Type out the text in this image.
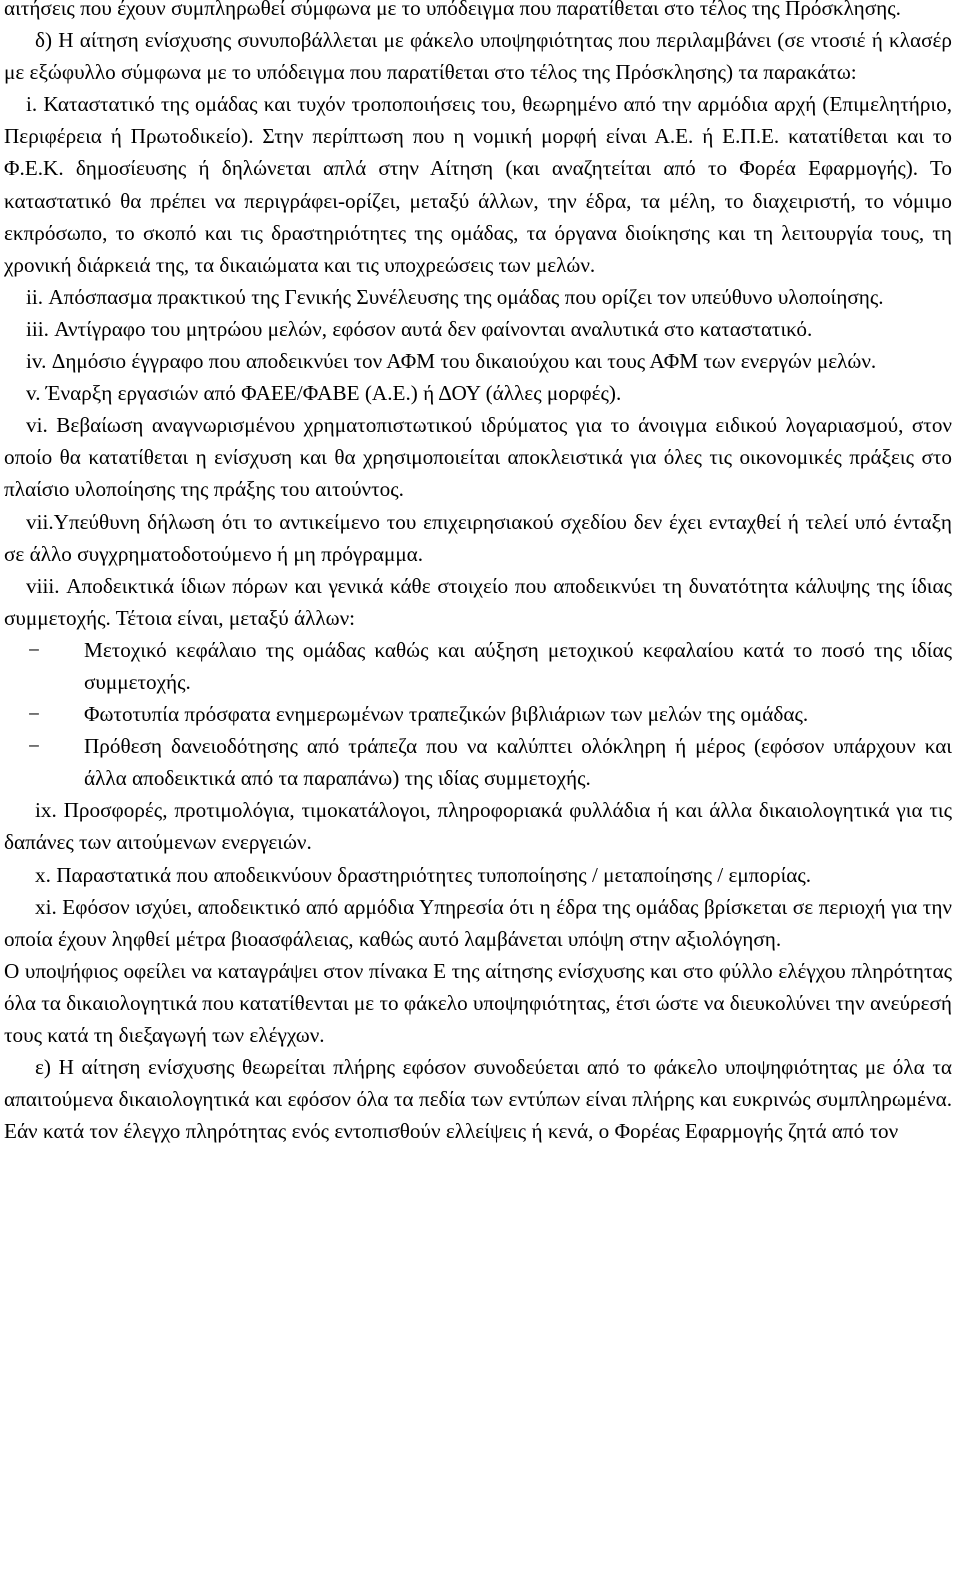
αιτήσεις που έχουν συμπληρωθεί σύμφωνα με το υπόδειγμα που παρατίθεται στο τέλος της Πρόσκλησης.

δ) Η αίτηση ενίσχυσης συνυποβάλλεται με φάκελο υποψηφιότητας που περιλαμβάνει (σε ντοσιέ ή κλασέρ με εξώφυλλο σύμφωνα με το υπόδειγμα που παρατίθεται στο τέλος της Πρόσκλησης) τα παρακάτω:

i. Καταστατικό της ομάδας και τυχόν τροποποιήσεις του, θεωρημένο από την αρμόδια αρχή (Επιμελητήριο, Περιφέρεια ή Πρωτοδικείο). Στην περίπτωση που η νομική μορφή είναι Α.Ε. ή Ε.Π.Ε. κατατίθεται και το Φ.Ε.Κ. δημοσίευσης ή δηλώνεται απλά στην Αίτηση (και αναζητείται από το Φορέα Εφαρμογής). Το καταστατικό θα πρέπει να περιγράφει-ορίζει, μεταξύ άλλων, την έδρα, τα μέλη, το διαχειριστή, το νόμιμο εκπρόσωπο, το σκοπό και τις δραστηριότητες της ομάδας, τα όργανα διοίκησης και τη λειτουργία τους, τη χρονική διάρκειά της, τα δικαιώματα και τις υποχρεώσεις των μελών.

ii. Απόσπασμα πρακτικού της Γενικής Συνέλευσης της ομάδας που ορίζει τον υπεύθυνο υλοποίησης.

iii. Αντίγραφο του μητρώου μελών, εφόσον αυτά δεν φαίνονται αναλυτικά στο καταστατικό.

iv. Δημόσιο έγγραφο που αποδεικνύει τον ΑΦΜ του δικαιούχου και τους ΑΦΜ των ενεργών μελών.

v. Έναρξη εργασιών από ΦΑΕΕ/ΦΑΒΕ (Α.Ε.) ή ΔΟΥ (άλλες μορφές).

vi. Βεβαίωση αναγνωρισμένου χρηματοπιστωτικού ιδρύματος για το άνοιγμα ειδικού λογαριασμού, στον οποίο θα κατατίθεται η ενίσχυση και θα χρησιμοποιείται αποκλειστικά για όλες τις οικονομικές πράξεις στο πλαίσιο υλοποίησης της πράξης του αιτούντος.

vii.Υπεύθυνη δήλωση ότι το αντικείμενο του επιχειρησιακού σχεδίου δεν έχει ενταχθεί ή τελεί υπό ένταξη σε άλλο συγχρηματοδοτούμενο ή μη πρόγραμμα.

viii. Αποδεικτικά ίδιων πόρων και γενικά κάθε στοιχείο που αποδεικνύει τη δυνατότητα κάλυψης της ίδιας συμμετοχής. Τέτοια είναι, μεταξύ άλλων:

− Μετοχικό κεφάλαιο της ομάδας καθώς και αύξηση μετοχικού κεφαλαίου κατά το ποσό της ιδίας συμμετοχής.

− Φωτοτυπία πρόσφατα ενημερωμένων τραπεζικών βιβλιάριων των μελών της ομάδας.

− Πρόθεση δανειοδότησης από τράπεζα που να καλύπτει ολόκληρη ή μέρος (εφόσον υπάρχουν και άλλα αποδεικτικά από τα παραπάνω) της ιδίας συμμετοχής.

ix. Προσφορές, προτιμολόγια, τιμοκατάλογοι, πληροφοριακά φυλλάδια ή και άλλα δικαιολογητικά για τις δαπάνες των αιτούμενων ενεργειών.

x. Παραστατικά που αποδεικνύουν δραστηριότητες τυποποίησης / μεταποίησης / εμπορίας.

xi. Εφόσον ισχύει, αποδεικτικό από αρμόδια Υπηρεσία ότι η έδρα της ομάδας βρίσκεται σε περιοχή για την οποία έχουν ληφθεί μέτρα βιοασφάλειας, καθώς αυτό λαμβάνεται υπόψη στην αξιολόγηση.

Ο υποψήφιος οφείλει να καταγράψει στον πίνακα Ε της αίτησης ενίσχυσης και στο φύλλο ελέγχου πληρότητας όλα τα δικαιολογητικά που κατατίθενται με το φάκελο υποψηφιότητας, έτσι ώστε να διευκολύνει την ανεύρεσή τους κατά τη διεξαγωγή των ελέγχων.

ε) Η αίτηση ενίσχυσης θεωρείται πλήρης εφόσον συνοδεύεται από το φάκελο υποψηφιότητας με όλα τα απαιτούμενα δικαιολογητικά και εφόσον όλα τα πεδία των εντύπων είναι πλήρης και ευκρινώς συμπληρωμένα. Εάν κατά τον έλεγχο πληρότητας ενός εντοπισθούν ελλείψεις ή κενά, ο Φορέας Εφαρμογής ζητά από τον
